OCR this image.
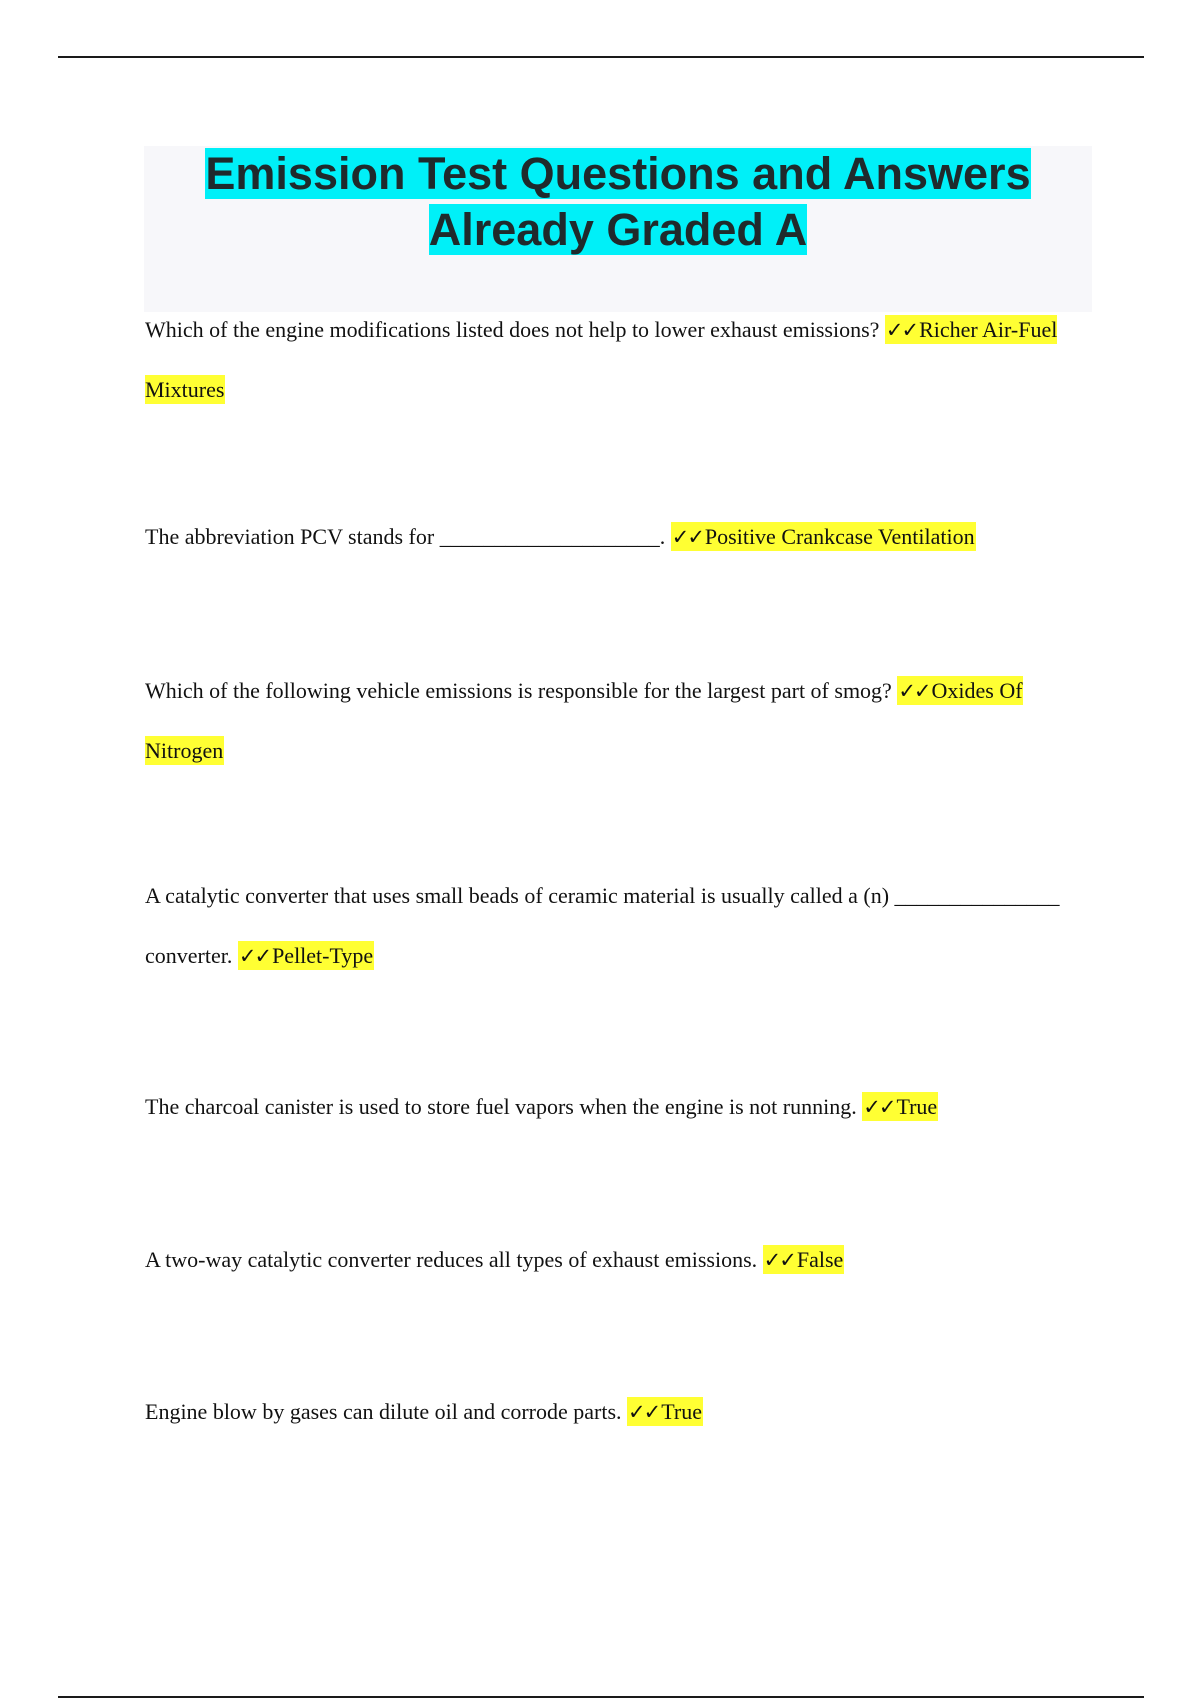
Emission Test Questions and Answers
Already Graded A

Which of the engine modifications listed does not help to lower exhaust emissions? ✓✓Richer Air-Fuel Mixtures

The abbreviation PCV stands for ____________________. ✓✓Positive Crankcase Ventilation

Which of the following vehicle emissions is responsible for the largest part of smog? ✓✓Oxides Of Nitrogen

A catalytic converter that uses small beads of ceramic material is usually called a (n) _______________ converter. ✓✓Pellet-Type

The charcoal canister is used to store fuel vapors when the engine is not running. ✓✓True

A two-way catalytic converter reduces all types of exhaust emissions. ✓✓False

Engine blow by gases can dilute oil and corrode parts. ✓✓True
